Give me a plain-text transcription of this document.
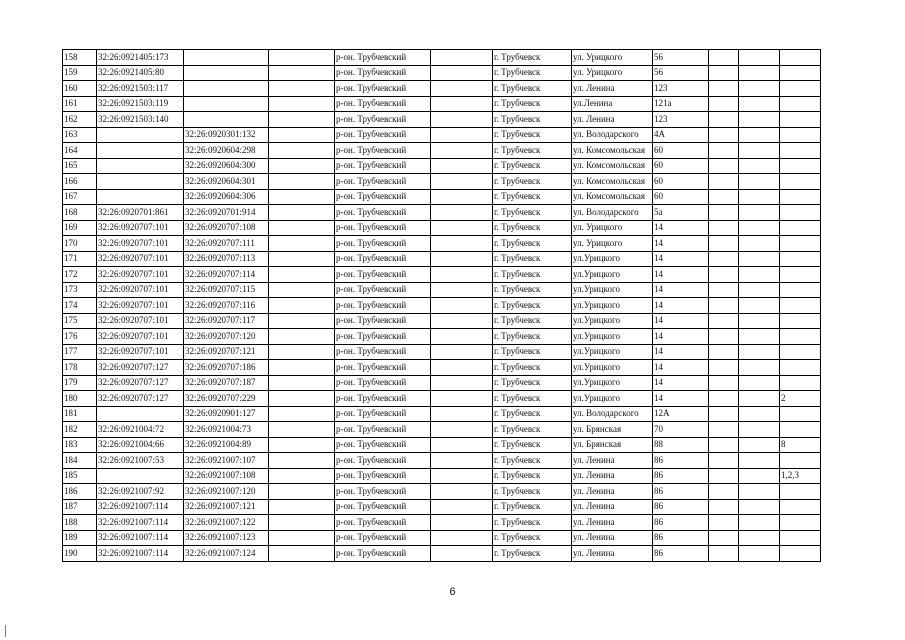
158	32:26:0921405:173			р-он. Трубчевский		г. Трубчевск	ул. Урицкого	56			
159	32:26:0921405:80			р-он. Трубчевский		г. Трубчевск	ул. Урицкого	56			
160	32:26:0921503:117			р-он. Трубчевский		г. Трубчевск	ул. Ленина	123			
161	32:26:0921503:119			р-он. Трубчевский		г. Трубчевск	ул.Ленина	121а			
162	32:26:0921503:140			р-он. Трубчевский		г. Трубчевск	ул. Ленина	123			
163		32:26:0920301:132		р-он. Трубчевский		г. Трубчевск	ул. Володарского	4А			
164		32:26:0920604:298		р-он. Трубчевский		г. Трубчевск	ул. Комсомольская	60			
165		32:26:0920604:300		р-он. Трубчевский		г. Трубчевск	ул. Комсомольская	60			
166		32:26:0920604:301		р-он. Трубчевский		г. Трубчевск	ул. Комсомольская	60			
167		32:26:0920604:306		р-он. Трубчевский		г. Трубчевск	ул. Комсомольская	60			
168	32:26:0920701:861	32:26:0920701:914		р-он. Трубчевский		г. Трубчевск	ул. Володарского	5а			
169	32:26:0920707:101	32:26:0920707:108		р-он. Трубчевский		г. Трубчевск	ул. Урицкого	14			
170	32:26:0920707:101	32:26:0920707:111		р-он. Трубчевский		г. Трубчевск	ул. Урицкого	14			
171	32:26:0920707:101	32:26:0920707:113		р-он. Трубчевский		г. Трубчевск	ул.Урицкого	14			
172	32:26:0920707:101	32:26:0920707:114		р-он. Трубчевский		г. Трубчевск	ул.Урицкого	14			
173	32:26:0920707:101	32:26:0920707:115		р-он. Трубчевский		г. Трубчевск	ул.Урицкого	14			
174	32:26:0920707:101	32:26:0920707:116		р-он. Трубчевский		г. Трубчевск	ул.Урицкого	14			
175	32:26:0920707:101	32:26:0920707:117		р-он. Трубчевский		г. Трубчевск	ул.Урицкого	14			
176	32:26:0920707:101	32:26:0920707:120		р-он. Трубчевский		г. Трубчевск	ул.Урицкого	14			
177	32:26:0920707:101	32:26:0920707:121		р-он. Трубчевский		г. Трубчевск	ул.Урицкого	14			
178	32:26:0920707:127	32:26:0920707:186		р-он. Трубчевский		г. Трубчевск	ул.Урицкого	14			
179	32:26:0920707:127	32:26:0920707:187		р-он. Трубчевский		г. Трубчевск	ул.Урицкого	14			
180	32:26:0920707:127	32:26:0920707:229		р-он. Трубчевский		г. Трубчевск	ул.Урицкого	14			2
181		32:26:0920901:127		р-он. Трубчевский		г. Трубчевск	ул. Володарского	12А			
182	32:26:0921004:72	32:26:0921004:73		р-он. Трубчевский		г. Трубчевск	ул. Брянская	70			
183	32:26:0921004:66	32:26:0921004:89		р-он. Трубчевский		г. Трубчевск	ул. Брянская	88			8
184	32:26:0921007:53	32:26:0921007:107		р-он. Трубчевский		г. Трубчевск	ул. Ленина	86			
185		32:26:0921007:108		р-он. Трубчевский		г. Трубчевск	ул. Ленина	86			1,2,3
186	32:26:0921007:92	32:26:0921007:120		р-он. Трубчевский		г. Трубчевск	ул. Ленина	86			
187	32:26:0921007:114	32:26:0921007:121		р-он. Трубчевский		г. Трубчевск	ул. Ленина	86			
188	32:26:0921007:114	32:26:0921007:122		р-он. Трубчевский		г. Трубчевск	ул. Ленина	86			
189	32:26:0921007:114	32:26:0921007:123		р-он. Трубчевский		г. Трубчевск	ул. Ленина	86			
190	32:26:0921007:114	32:26:0921007:124		р-он. Трубчевский		г. Трубчевск	ул. Ленина	86			
6
